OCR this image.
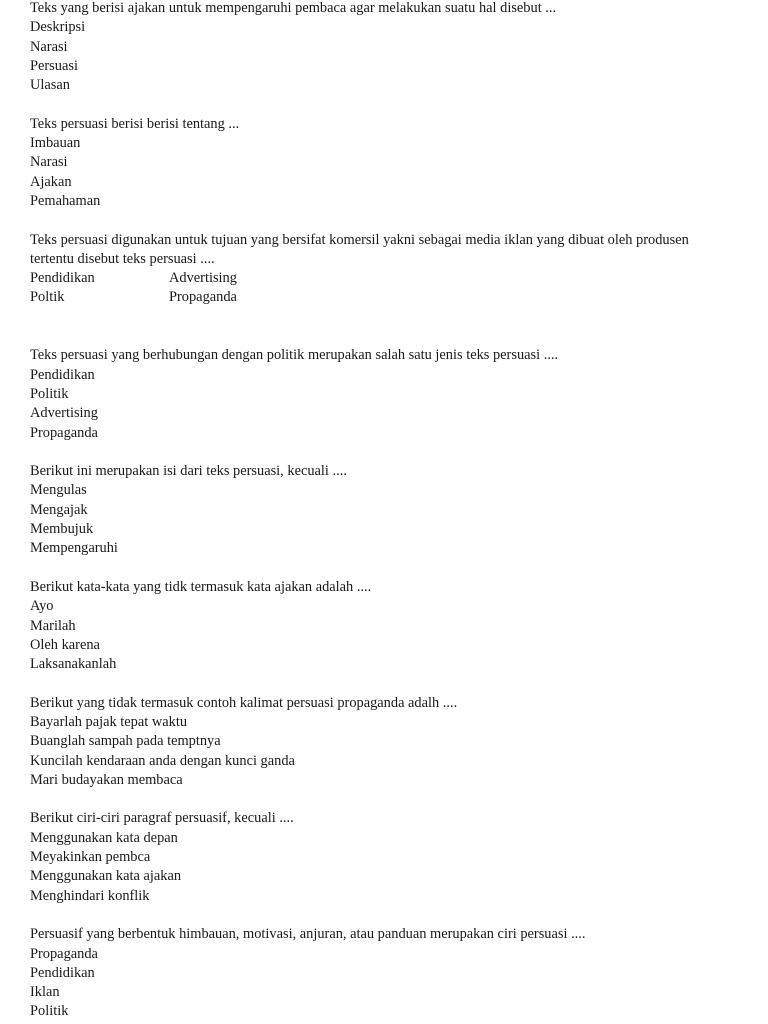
Teks yang berisi ajakan untuk mempengaruhi pembaca agar melakukan suatu hal disebut ...
Deskripsi
Narasi
Persuasi
Ulasan
Teks persuasi berisi berisi tentang ...
Imbauan
Narasi
Ajakan
Pemahaman
Teks persuasi digunakan untuk tujuan yang bersifat komersil yakni sebagai media iklan yang dibuat oleh produsen
tertentu disebut teks persuasi ....
Pendidikan	Advertising
Poltik	Propaganda
Teks persuasi yang berhubungan dengan politik merupakan salah satu jenis teks persuasi ....
Pendidikan
Politik
Advertising
Propaganda
Berikut ini merupakan isi dari teks persuasi, kecuali ....
Mengulas
Mengajak
Membujuk
Mempengaruhi
Berikut kata-kata yang tidk termasuk kata ajakan adalah ....
Ayo
Marilah
Oleh karena
Laksanakanlah
Berikut yang tidak termasuk contoh kalimat persuasi propaganda adalh ....
Bayarlah pajak tepat waktu
Buanglah sampah pada temptnya
Kuncilah kendaraan anda dengan kunci ganda
Mari budayakan membaca
Berikut ciri-ciri paragraf persuasif, kecuali ....
Menggunakan kata depan
Meyakinkan pembca
Menggunakan kata ajakan
Menghindari konflik
Persuasif yang berbentuk himbauan, motivasi, anjuran, atau panduan merupakan ciri persuasi ....
Propaganda
Pendidikan
Iklan
Politik
